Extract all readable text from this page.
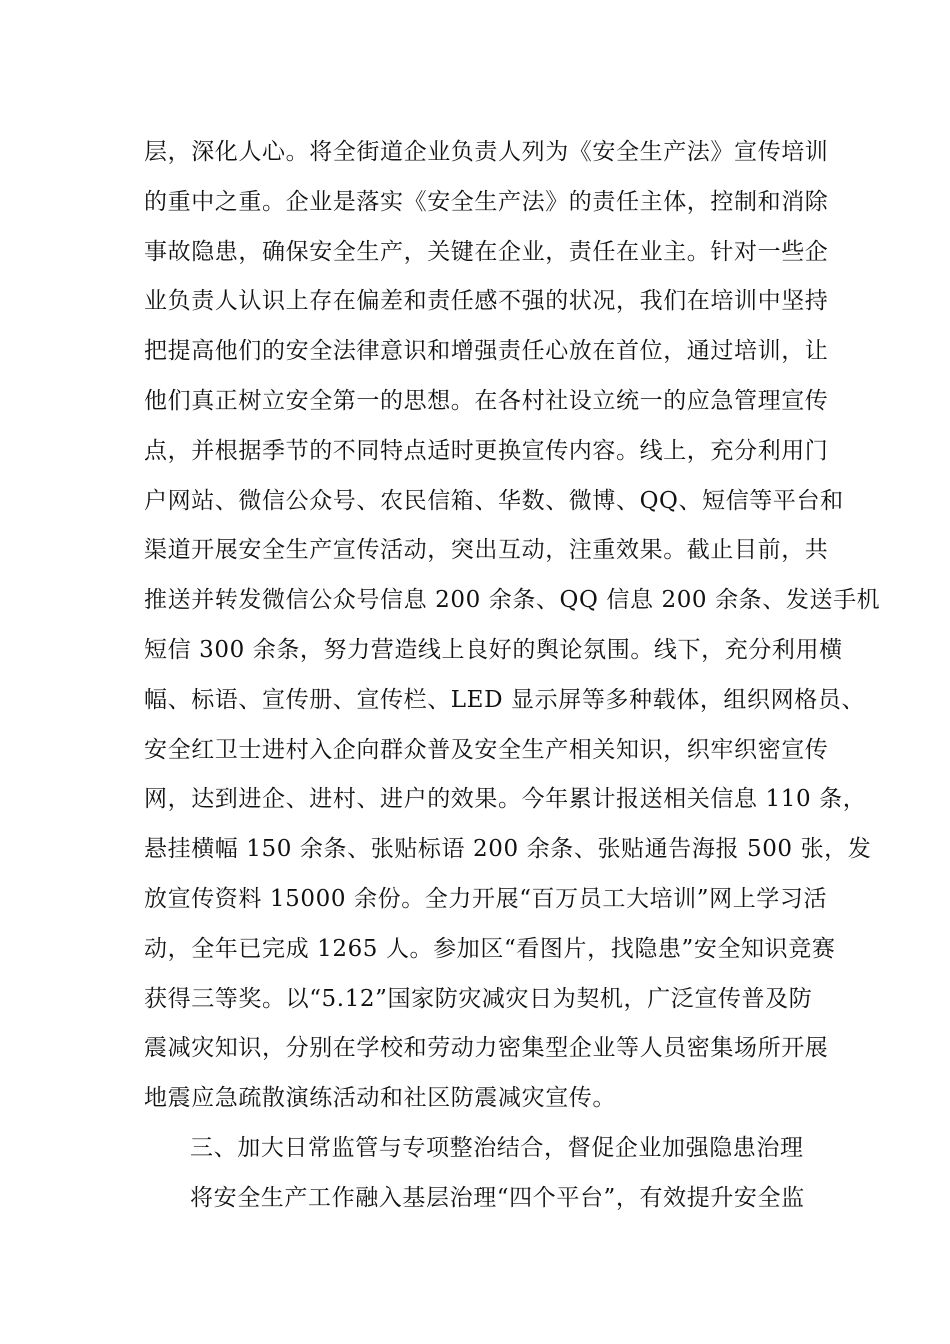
层，深化人心。将全街道企业负责人列为《安全生产法》宣传培训
的重中之重。企业是落实《安全生产法》的责任主体，控制和消除
事故隐患，确保安全生产，关键在企业，责任在业主。针对一些企
业负责人认识上存在偏差和责任感不强的状况，我们在培训中坚持
把提高他们的安全法律意识和增强责任心放在首位，通过培训，让
他们真正树立安全第一的思想。在各村社设立统一的应急管理宣传
点，并根据季节的不同特点适时更换宣传内容。线上，充分利用门
户网站、微信公众号、农民信箱、华数、微博、QQ、短信等平台和
渠道开展安全生产宣传活动，突出互动，注重效果。截止目前，共
推送并转发微信公众号信息 200 余条、QQ 信息 200 余条、发送手机
短信 300 余条，努力营造线上良好的舆论氛围。线下，充分利用横
幅、标语、宣传册、宣传栏、LED 显示屏等多种载体，组织网格员、
安全红卫士进村入企向群众普及安全生产相关知识，织牢织密宣传
网，达到进企、进村、进户的效果。今年累计报送相关信息 110 条，
悬挂横幅 150 余条、张贴标语 200 余条、张贴通告海报 500 张，发
放宣传资料 15000 余份。全力开展“百万员工大培训”网上学习活
动，全年已完成 1265 人。参加区“看图片，找隐患”安全知识竞赛
获得三等奖。以“5.12”国家防灾减灾日为契机，广泛宣传普及防
震减灾知识，分别在学校和劳动力密集型企业等人员密集场所开展
地震应急疏散演练活动和社区防震减灾宣传。
三、加大日常监管与专项整治结合，督促企业加强隐患治理
将安全生产工作融入基层治理“四个平台”，有效提升安全监
